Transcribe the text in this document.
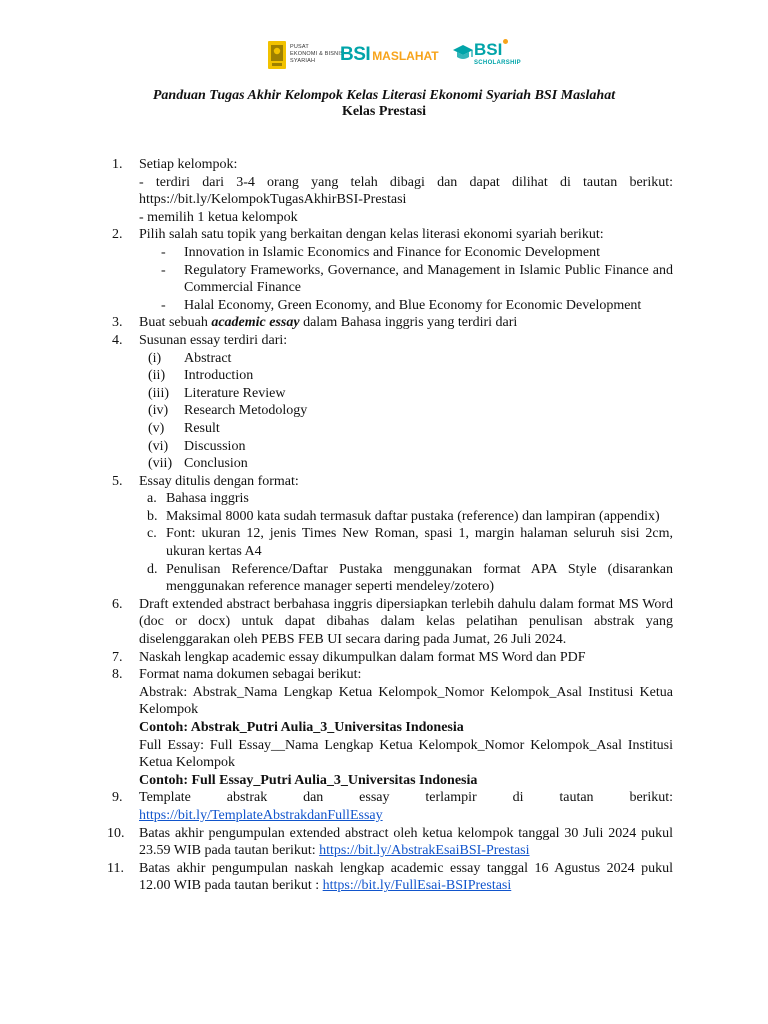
PUSAT
EKONOMI & BISNIS
SYARIAH	BSI MASLAHAT BSI
SCHOLARSHIP
Panduan Tugas Akhir Kelompok Kelas Literasi Ekonomi Syariah BSI Maslahat
Kelas Prestasi
1. Setiap kelompok:
- terdiri dari 3-4 orang yang telah dibagi dan dapat dilihat di tautan berikut: https://bit.ly/KelompokTugasAkhirBSI-Prestasi
- memilih 1 ketua kelompok
2. Pilih salah satu topik yang berkaitan dengan kelas literasi ekonomi syariah berikut:
- Innovation in Islamic Economics and Finance for Economic Development
- Regulatory Frameworks, Governance, and Management in Islamic Public Finance and Commercial Finance
- Halal Economy, Green Economy, and Blue Economy for Economic Development
3. Buat sebuah academic essay dalam Bahasa inggris yang terdiri dari
4. Susunan essay terdiri dari:
(i) Abstract
(ii) Introduction
(iii) Literature Review
(iv) Research Metodology
(v) Result
(vi) Discussion
(vii) Conclusion
5. Essay ditulis dengan format:
a. Bahasa inggris
b. Maksimal 8000 kata sudah termasuk daftar pustaka (reference) dan lampiran (appendix)
c. Font: ukuran 12, jenis Times New Roman, spasi 1, margin halaman seluruh sisi 2cm, ukuran kertas A4
d. Penulisan Reference/Daftar Pustaka menggunakan format APA Style (disarankan menggunakan reference manager seperti mendeley/zotero)
6. Draft extended abstract berbahasa inggris dipersiapkan terlebih dahulu dalam format MS Word (doc or docx) untuk dapat dibahas dalam kelas pelatihan penulisan abstrak yang diselenggarakan oleh PEBS FEB UI secara daring pada Jumat, 26 Juli 2024.
7. Naskah lengkap academic essay dikumpulkan dalam format MS Word dan PDF
8. Format nama dokumen sebagai berikut:
Abstrak: Abstrak_Nama Lengkap Ketua Kelompok_Nomor Kelompok_Asal Institusi Ketua Kelompok
Contoh: Abstrak_Putri Aulia_3_Universitas Indonesia
Full Essay: Full Essay__Nama Lengkap Ketua Kelompok_Nomor Kelompok_Asal Institusi Ketua Kelompok
Contoh: Full Essay_Putri Aulia_3_Universitas Indonesia
9. Template abstrak dan essay terlampir di tautan berikut:
https://bit.ly/TemplateAbstrakdanFullEssay
10. Batas akhir pengumpulan extended abstract oleh ketua kelompok tanggal 30 Juli 2024 pukul 23.59 WIB pada tautan berikut: https://bit.ly/AbstrakEsaiBSI-Prestasi
11. Batas akhir pengumpulan naskah lengkap academic essay tanggal 16 Agustus 2024 pukul 12.00 WIB pada tautan berikut : https://bit.ly/FullEsai-BSIPrestasi
